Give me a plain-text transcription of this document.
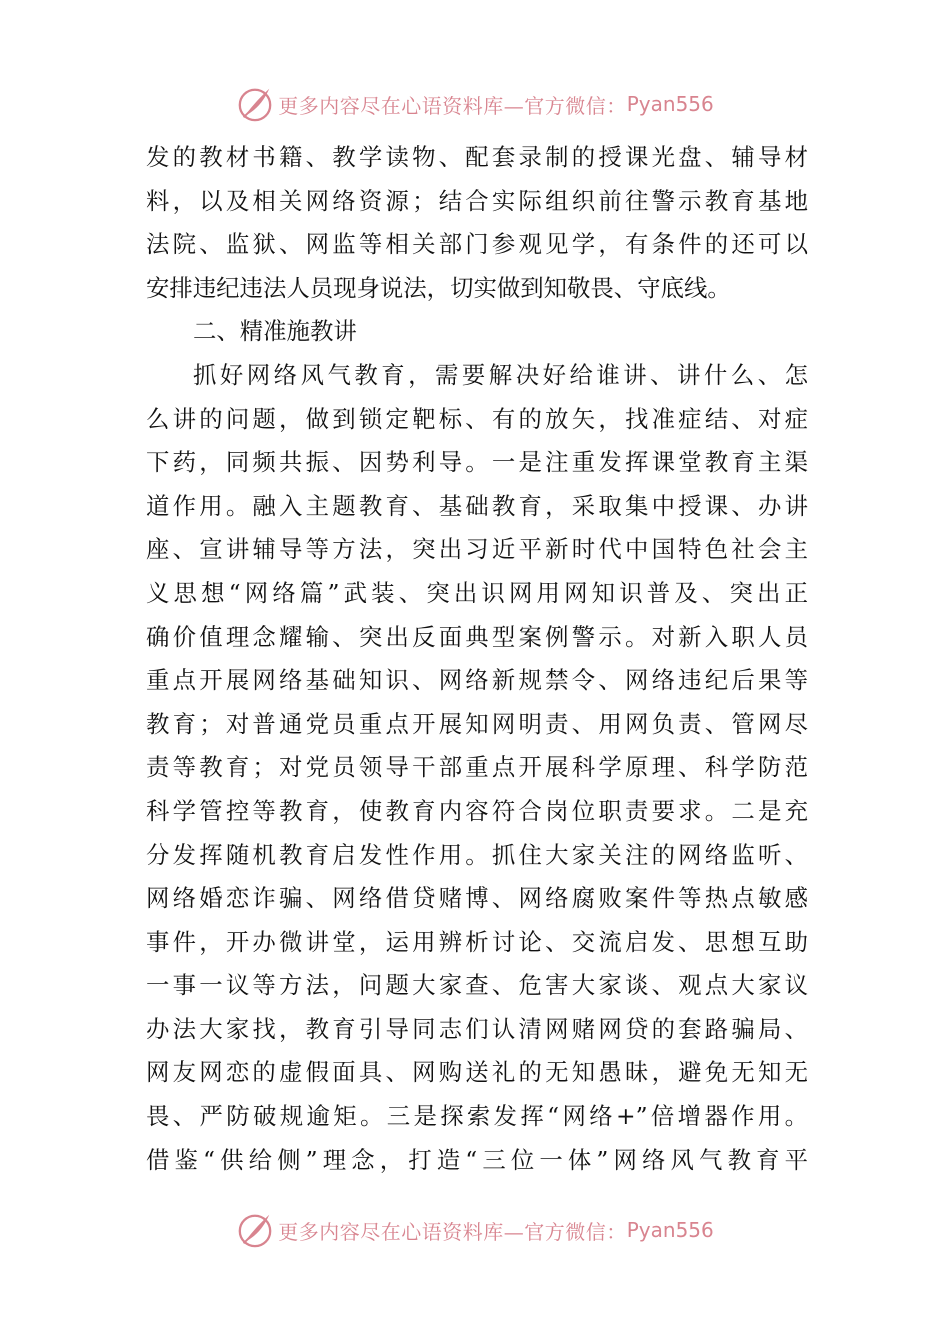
更多内容尽在心语资料库—官方微信： Pyan556
发的教材书籍、教学读物、配套录制的授课光盘、辅导材
料，以及相关网络资源；结合实际组织前往警示教育基地
法院、监狱、网监等相关部门参观见学，有条件的还可以
安排违纪违法人员现身说法，切实做到知敬畏、守底线。
二、精准施教讲
抓好网络风气教育，需要解决好给谁讲、讲什么、怎
么讲的问题，做到锁定靶标、有的放矢，找准症结、对症
下药，同频共振、因势利导。一是注重发挥课堂教育主渠
道作用。融入主题教育、基础教育，采取集中授课、办讲
座、宣讲辅导等方法，突出习近平新时代中国特色社会主
义思想“网络篇”武装、突出识网用网知识普及、突出正
确价值理念耀输、突出反面典型案例警示。对新入职人员
重点开展网络基础知识、网络新规禁令、网络违纪后果等
教育；对普通党员重点开展知网明责、用网负责、管网尽
责等教育；对党员领导干部重点开展科学原理、科学防范
科学管控等教育，使教育内容符合岗位职责要求。二是充
分发挥随机教育启发性作用。抓住大家关注的网络监听、
网络婚恋诈骗、网络借贷赌博、网络腐败案件等热点敏感
事件，开办微讲堂，运用辨析讨论、交流启发、思想互助
一事一议等方法，问题大家查、危害大家谈、观点大家议
办法大家找，教育引导同志们认清网赌网贷的套路骗局、
网友网恋的虚假面具、网购送礼的无知愚昧，避免无知无
畏、严防破规逾矩。三是探索发挥“网络+”倍增器作用。
借鉴“供给侧”理念，打造“三位一体”网络风气教育平
更多内容尽在心语资料库—官方微信： Pyan556
